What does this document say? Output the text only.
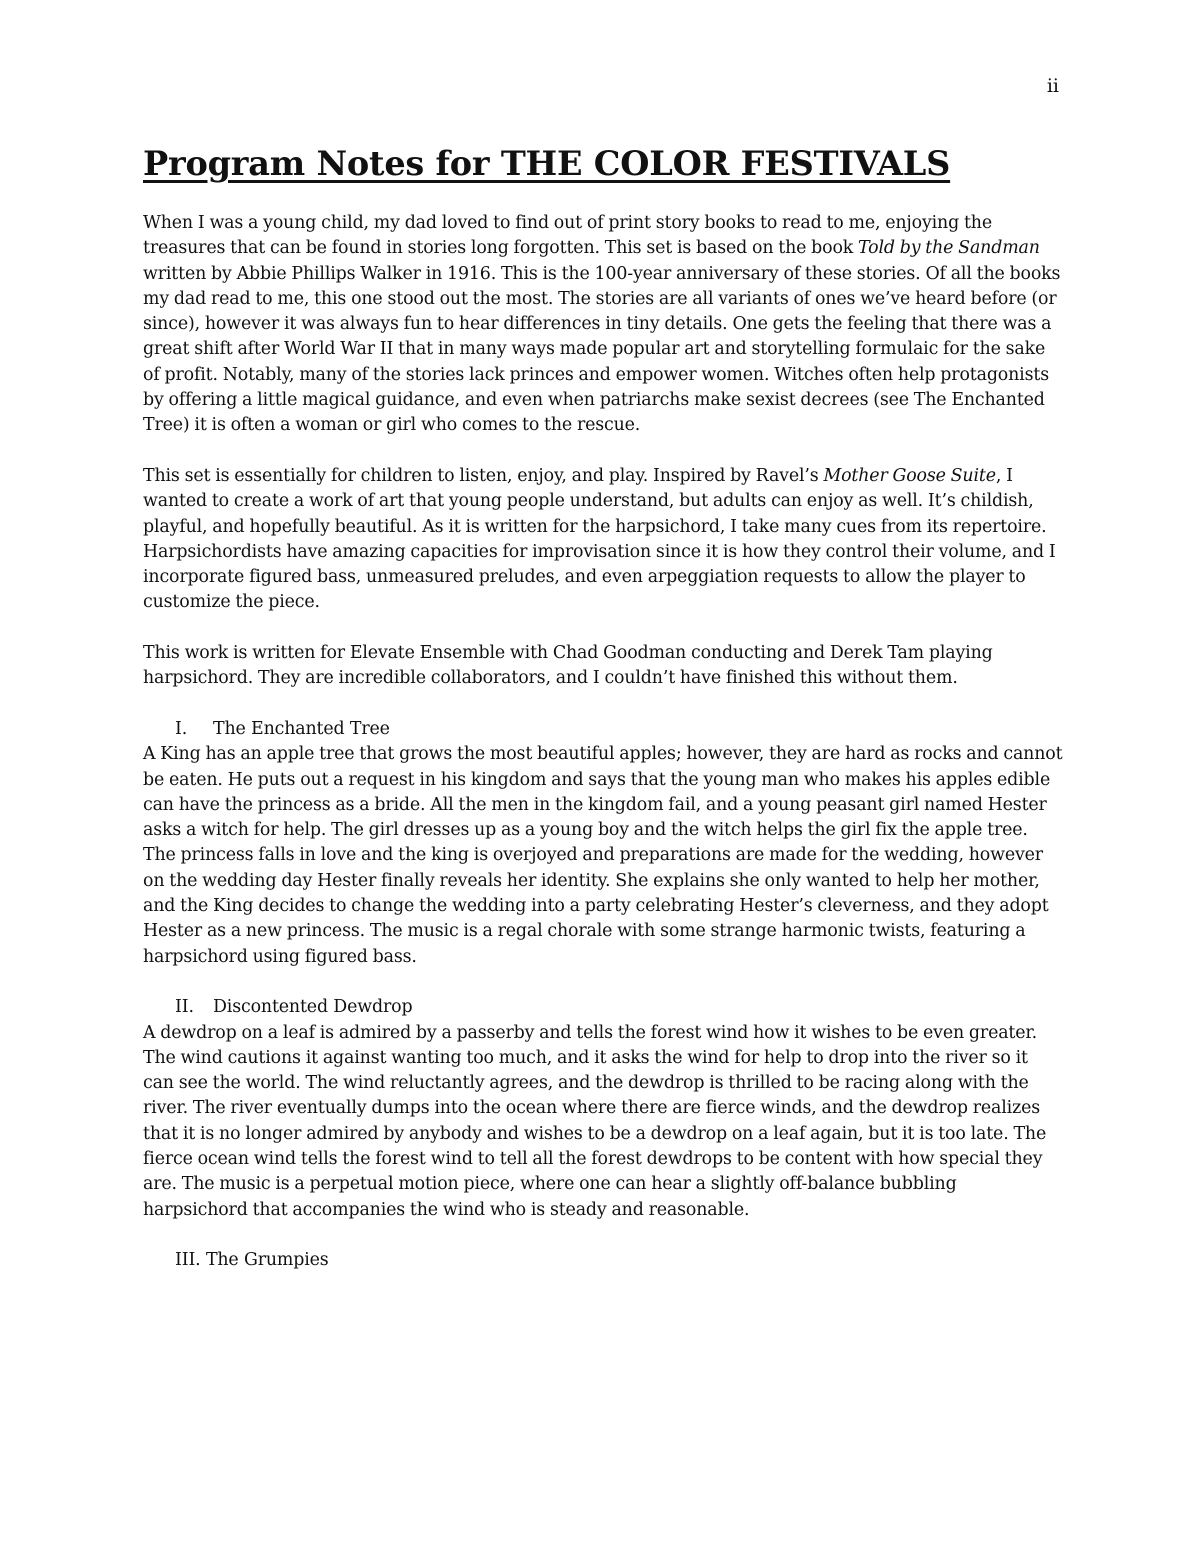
ii
Program Notes for THE COLOR FESTIVALS

When I was a young child, my dad loved to find out of print story books to read to me, enjoying the treasures that can be found in stories long forgotten. This set is based on the book Told by the Sandman written by Abbie Phillips Walker in 1916. This is the 100-year anniversary of these stories. Of all the books my dad read to me, this one stood out the most. The stories are all variants of ones we’ve heard before (or since), however it was always fun to hear differences in tiny details. One gets the feeling that there was a great shift after World War II that in many ways made popular art and storytelling formulaic for the sake of profit. Notably, many of the stories lack princes and empower women. Witches often help protagonists by offering a little magical guidance, and even when patriarchs make sexist decrees (see The Enchanted Tree) it is often a woman or girl who comes to the rescue.

This set is essentially for children to listen, enjoy, and play. Inspired by Ravel’s Mother Goose Suite, I wanted to create a work of art that young people understand, but adults can enjoy as well. It’s childish, playful, and hopefully beautiful. As it is written for the harpsichord, I take many cues from its repertoire. Harpsichordists have amazing capacities for improvisation since it is how they control their volume, and I incorporate figured bass, unmeasured preludes, and even arpeggiation requests to allow the player to customize the piece.

This work is written for Elevate Ensemble with Chad Goodman conducting and Derek Tam playing harpsichord. They are incredible collaborators, and I couldn’t have finished this without them.

I. The Enchanted Tree

A King has an apple tree that grows the most beautiful apples; however, they are hard as rocks and cannot be eaten. He puts out a request in his kingdom and says that the young man who makes his apples edible can have the princess as a bride. All the men in the kingdom fail, and a young peasant girl named Hester asks a witch for help. The girl dresses up as a young boy and the witch helps the girl fix the apple tree. The princess falls in love and the king is overjoyed and preparations are made for the wedding, however on the wedding day Hester finally reveals her identity. She explains she only wanted to help her mother, and the King decides to change the wedding into a party celebrating Hester’s cleverness, and they adopt Hester as a new princess. The music is a regal chorale with some strange harmonic twists, featuring a harpsichord using figured bass.

II. Discontented Dewdrop

A dewdrop on a leaf is admired by a passerby and tells the forest wind how it wishes to be even greater. The wind cautions it against wanting too much, and it asks the wind for help to drop into the river so it can see the world. The wind reluctantly agrees, and the dewdrop is thrilled to be racing along with the river. The river eventually dumps into the ocean where there are fierce winds, and the dewdrop realizes that it is no longer admired by anybody and wishes to be a dewdrop on a leaf again, but it is too late. The fierce ocean wind tells the forest wind to tell all the forest dewdrops to be content with how special they are. The music is a perpetual motion piece, where one can hear a slightly off-balance bubbling harpsichord that accompanies the wind who is steady and reasonable.

III. The Grumpies
